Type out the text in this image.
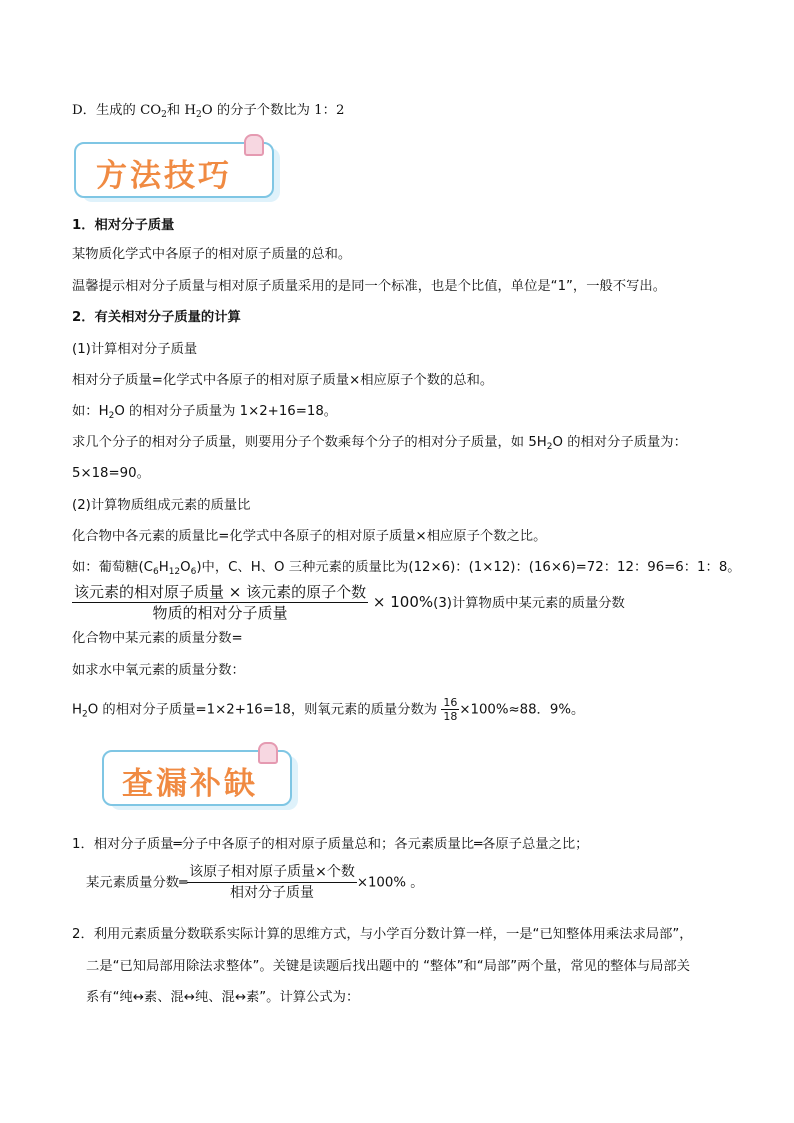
D．生成的 $CO_2$和 $H_2O$ 的分子个数比为 1：2
方法技巧
1．相对分子质量
某物质化学式中各原子的相对原子质量的总和。
温馨提示相对分子质量与相对原子质量采用的是同一个标准，也是个比值，单位是“1”，一般不写出。
2．有关相对分子质量的计算
(1)计算相对分子质量
相对分子质量=化学式中各原子的相对原子质量×相应原子个数的总和。
如：$H_2O$ 的相对分子质量为 1×2+16=18。
求几个分子的相对分子质量，则要用分子个数乘每个分子的相对分子质量，如 $5H_2O$ 的相对分子质量为：
5×18=90。
(2)计算物质组成元素的质量比
化合物中各元素的质量比=化学式中各原子的相对原子质量×相应原子个数之比。
如：葡萄糖$(C_6H_{12}O_6)$中，C、H、O 三种元素的质量比为(12×6)：(1×12)：(16×6)=72：12：96=6：1：8。
$\frac{\text{该元素的相对原子质量 × 该元素的原子个数}}{\text{物质的相对分子质量}} \times 100\%(3)$计算物质中某元素的质量分数
化合物中某元素的质量分数=
如求水中氧元素的质量分数：
$H_2O$ 的相对分子质量=1×2+16=18，则氧元素的质量分数为 $\frac{16}{18} \times 100\%\approx 88$．9%。
查漏补缺
1．相对分子质量═分子中各原子的相对原子质量总和；各元素质量比═各原子总量之比；
某元素质量分数═ $\frac{\text{该原子相对原子质量×个数}}{\text{相对分子质量}} \times 100\%$ 。
2．利用元素质量分数联系实际计算的思维方式，与小学百分数计算一样，一是“已知整体用乘法求局部”，
二是“已知局部用除法求整体”。关键是读题后找出题中的 “整体”和“局部”两个量，常见的整体与局部关
系有“纯↔素、混↔纯、混↔素”。计算公式为：
